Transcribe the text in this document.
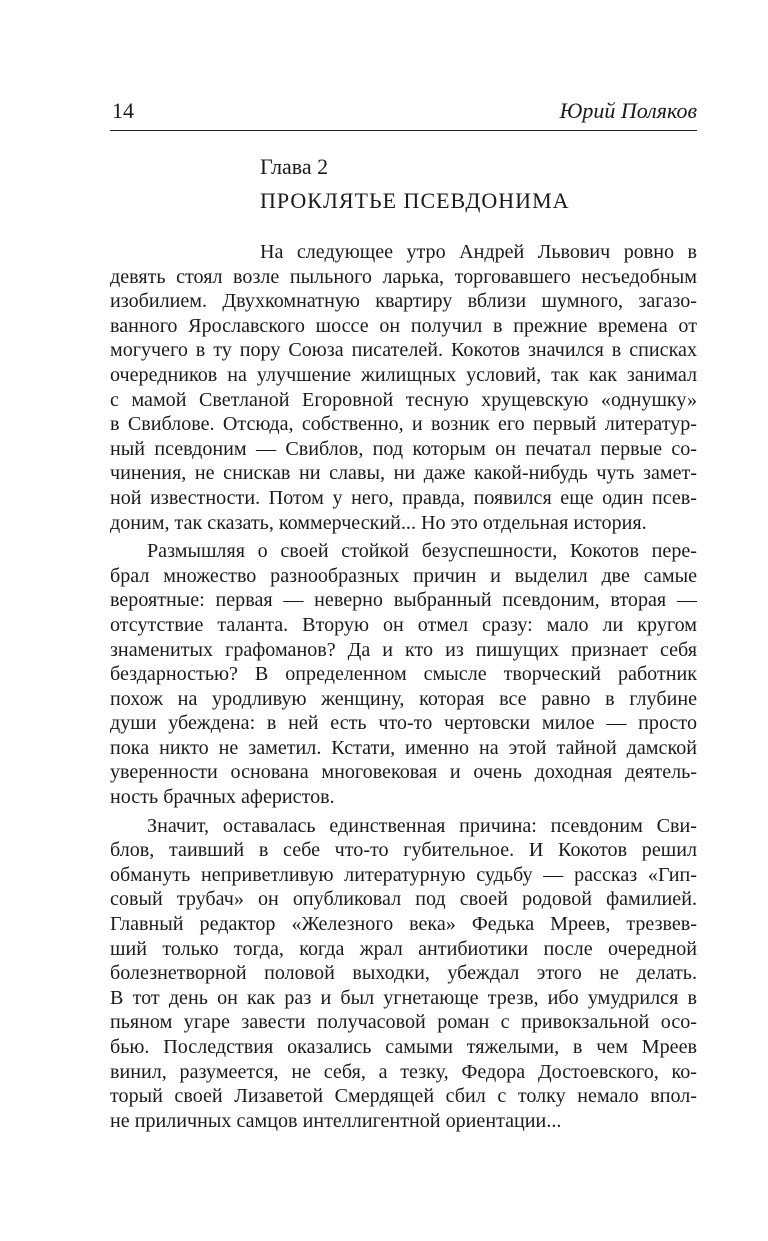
14	Юрий Поляков
Глава 2
ПРОКЛЯТЬЕ ПСЕВДОНИМА
На следующее утро Андрей Львович ровно в
девять стоял возле пыльного ларька, торговавшего несъедобным
изобилием. Двухкомнатную квартиру вблизи шумного, загазо-
ванного Ярославского шоссе он получил в прежние времена от
могучего в ту пору Союза писателей. Кокотов значился в списках
очередников на улучшение жилищных условий, так как занимал
с мамой Светланой Егоровной тесную хрущевскую «однушку»
в Свиблове. Отсюда, собственно, и возник его первый литератур-
ный псевдоним — Свиблов, под которым он печатал первые со-
чинения, не снискав ни славы, ни даже какой-нибудь чуть замет-
ной известности. Потом у него, правда, появился еще один псев-
доним, так сказать, коммерческий... Но это отдельная история.
Размышляя о своей стойкой безуспешности, Кокотов пере-
брал множество разнообразных причин и выделил две самые
вероятные: первая — неверно выбранный псевдоним, вторая —
отсутствие таланта. Вторую он отмел сразу: мало ли кругом
знаменитых графоманов? Да и кто из пишущих признает себя
бездарностью? В определенном смысле творческий работник
похож на уродливую женщину, которая все равно в глубине
души убеждена: в ней есть что-то чертовски милое — просто
пока никто не заметил. Кстати, именно на этой тайной дамской
уверенности основана многовековая и очень доходная деятель-
ность брачных аферистов.
Значит, оставалась единственная причина: псевдоним Сви-
блов, таивший в себе что-то губительное. И Кокотов решил
обмануть неприветливую литературную судьбу — рассказ «Гип-
совый трубач» он опубликовал под своей родовой фамилией.
Главный редактор «Железного века» Федька Мреев, трезвев-
ший только тогда, когда жрал антибиотики после очередной
болезнетворной половой выходки, убеждал этого не делать.
В тот день он как раз и был угнетающе трезв, ибо умудрился в
пьяном угаре завести получасовой роман с привокзальной осо-
бью. Последствия оказались самыми тяжелыми, в чем Мреев
винил, разумеется, не себя, а тезку, Федора Достоевского, ко-
торый своей Лизаветой Смердящей сбил с толку немало впол-
не приличных самцов интеллигентной ориентации...
